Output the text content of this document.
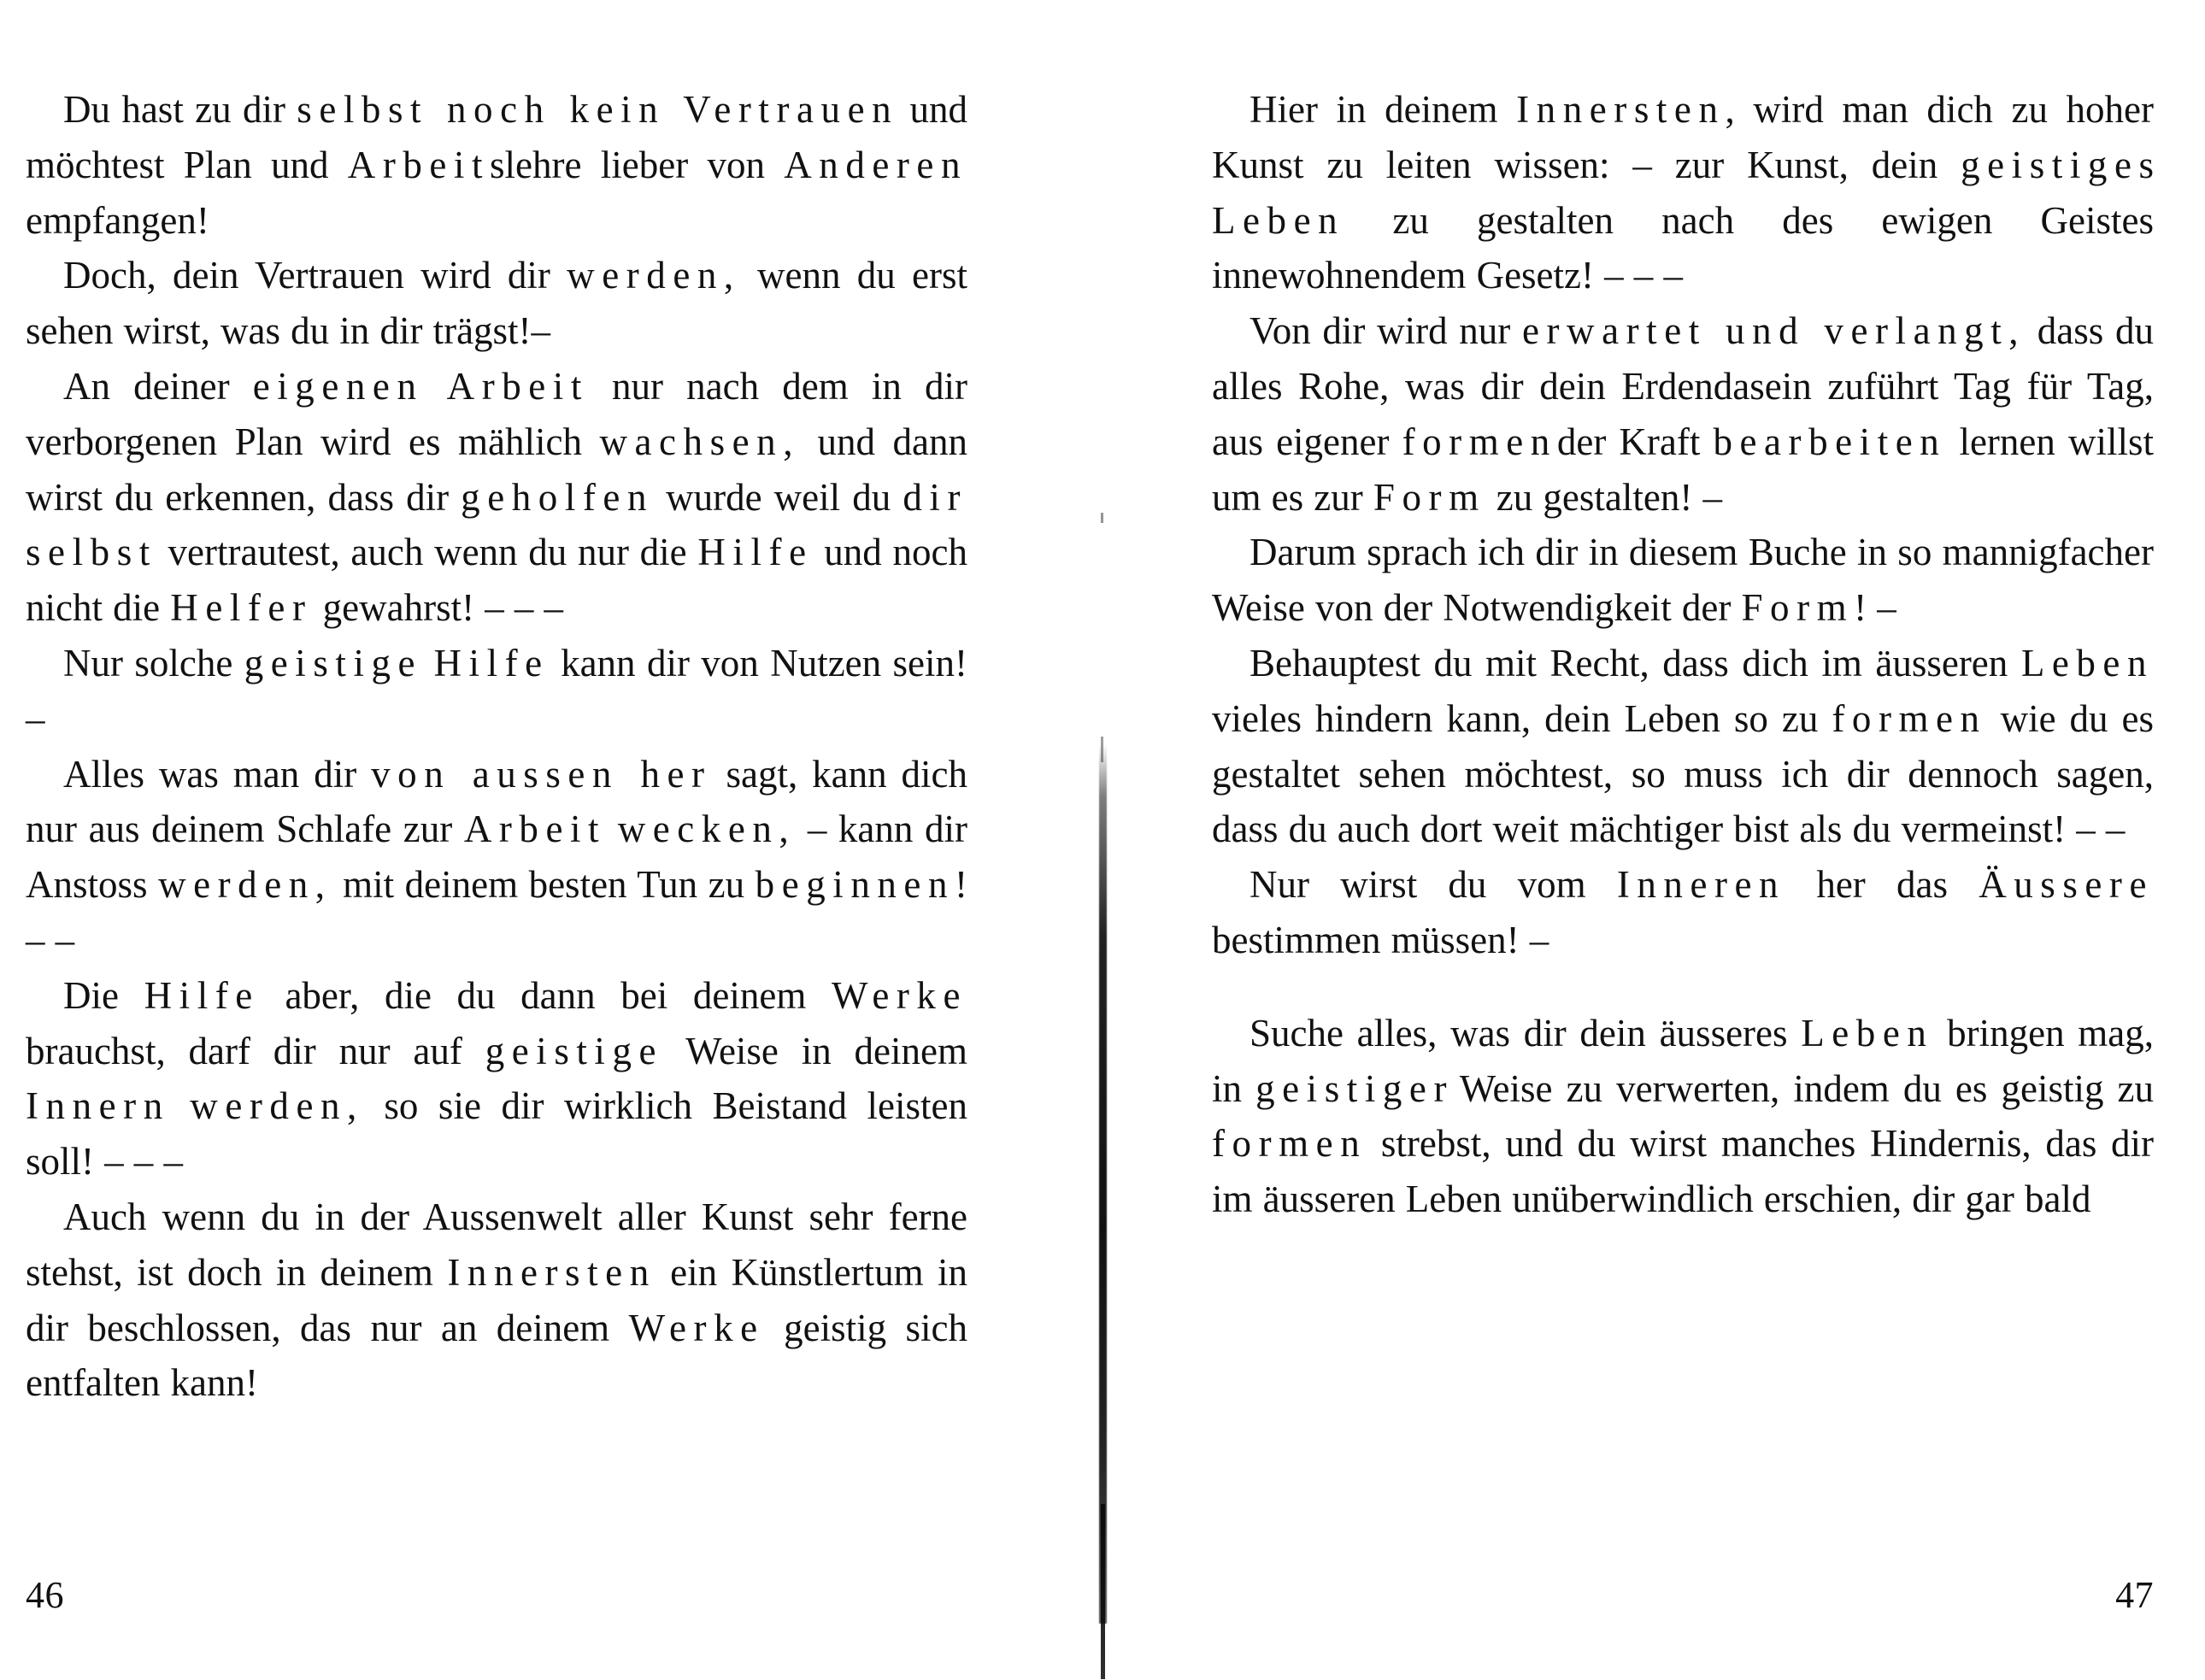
Du hast zu dir selbst noch kein Vertrauen und möchtest Plan und Arbeitslehre lieber von Anderen empfangen!

Doch, dein Vertrauen wird dir werden, wenn du erst sehen wirst, was du in dir trägst!–

An deiner eigenen Arbeit nur nach dem in dir verborgenen Plan wird es mählich wachsen, und dann wirst du erkennen, dass dir geholfen wurde weil du dir selbst vertrautest, auch wenn du nur die Hilfe und noch nicht die Helfer gewahrst! – – –

Nur solche geistige Hilfe kann dir von Nutzen sein! –

Alles was man dir von aussen her sagt, kann dich nur aus deinem Schlafe zur Arbeit wecken, – kann dir Anstoss werden, mit deinem besten Tun zu beginnen! – –

Die Hilfe aber, die du dann bei deinem Werke brauchst, darf dir nur auf geistige Weise in deinem Innern werden, so sie dir wirklich Beistand leisten soll! – – –

Auch wenn du in der Aussenwelt aller Kunst sehr ferne stehst, ist doch in deinem Innersten ein Künstlertum in dir beschlossen, das nur an deinem Werke geistig sich entfalten kann!

46

Hier in deinem Innersten, wird man dich zu hoher Kunst zu leiten wissen: – zur Kunst, dein geistiges Leben zu gestalten nach des ewigen Geistes innewohnendem Gesetz! – – –

Von dir wird nur erwartet und verlangt, dass du alles Rohe, was dir dein Erdendasein zuführt Tag für Tag, aus eigener formender Kraft bearbeiten lernen willst um es zur Form zu gestalten! –

Darum sprach ich dir in diesem Buche in so mannigfacher Weise von der Notwendigkeit der Form! –

Behauptest du mit Recht, dass dich im äusseren Leben vieles hindern kann, dein Leben so zu formen wie du es gestaltet sehen möchtest, so muss ich dir dennoch sagen, dass du auch dort weit mächtiger bist als du vermeinst! – –

Nur wirst du vom Inneren her das Äussere bestimmen müssen! –

Suche alles, was dir dein äusseres Leben bringen mag, in geistiger Weise zu verwerten, indem du es geistig zu formen strebst, und du wirst manches Hindernis, das dir im äusseren Leben unüberwindlich erschien, dir gar bald

47
